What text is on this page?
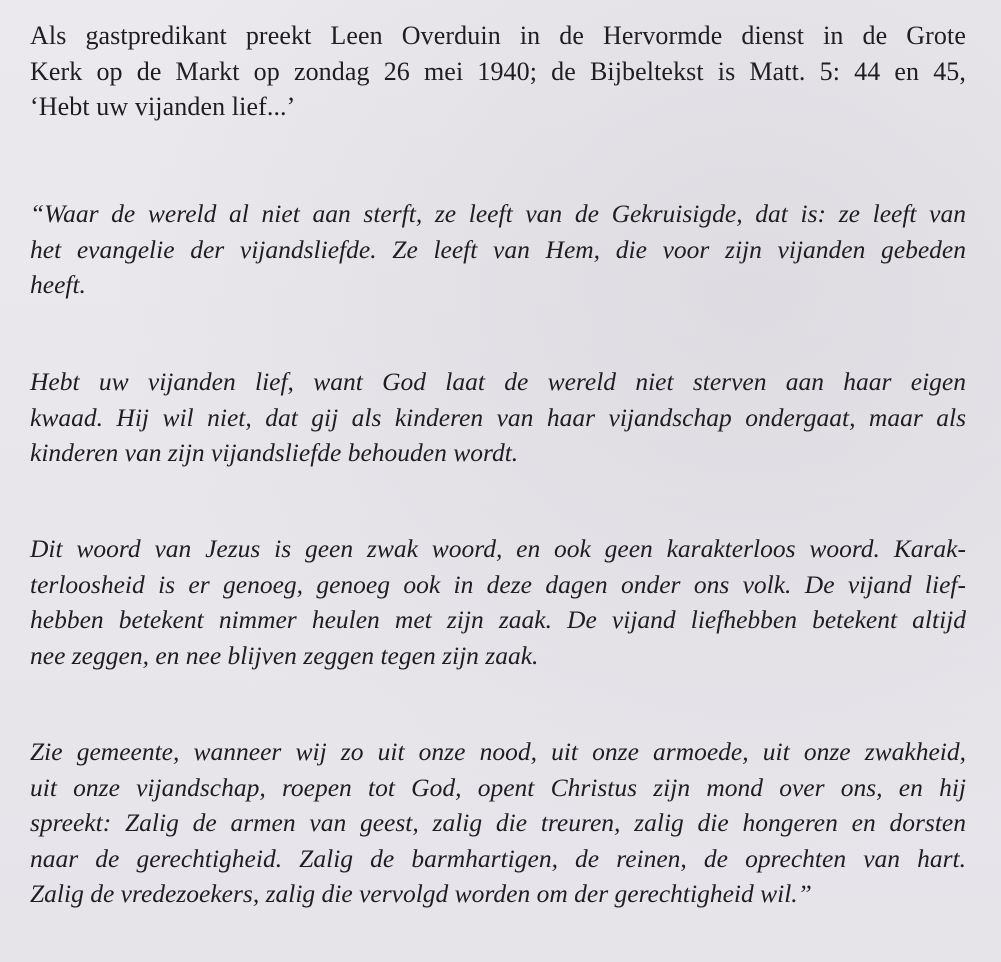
Als gastpredikant preekt Leen Overduin in de Hervormde dienst in de Grote
Kerk op de Markt op zondag 26 mei 1940; de Bijbeltekst is Matt. 5: 44 en 45,
‘Hebt uw vijanden lief...’
“Waar de wereld al niet aan sterft, ze leeft van de Gekruisigde, dat is: ze leeft van
het evangelie der vijandsliefde. Ze leeft van Hem, die voor zijn vijanden gebeden
heeft.
Hebt uw vijanden lief, want God laat de wereld niet sterven aan haar eigen
kwaad. Hij wil niet, dat gij als kinderen van haar vijandschap ondergaat, maar als
kinderen van zijn vijandsliefde behouden wordt.
Dit woord van Jezus is geen zwak woord, en ook geen karakterloos woord. Karak-
terloosheid is er genoeg, genoeg ook in deze dagen onder ons volk. De vijand lief-
hebben betekent nimmer heulen met zijn zaak. De vijand liefhebben betekent altijd
nee zeggen, en nee blijven zeggen tegen zijn zaak.
Zie gemeente, wanneer wij zo uit onze nood, uit onze armoede, uit onze zwakheid,
uit onze vijandschap, roepen tot God, opent Christus zijn mond over ons, en hij
spreekt: Zalig de armen van geest, zalig die treuren, zalig die hongeren en dorsten
naar de gerechtigheid. Zalig de barmhartigen, de reinen, de oprechten van hart.
Zalig de vredezoekers, zalig die vervolgd worden om der gerechtigheid wil.”
